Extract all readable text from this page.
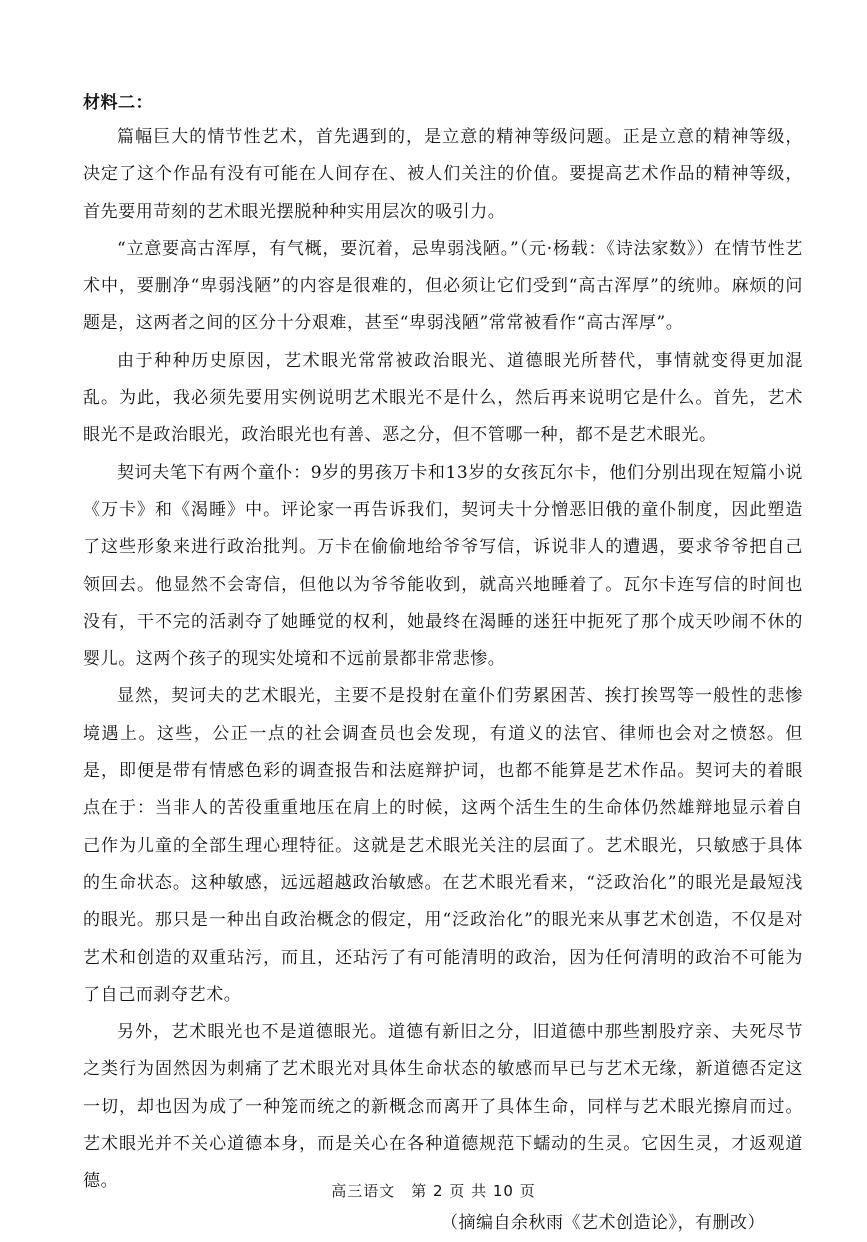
材料二：

篇幅巨大的情节性艺术，首先遇到的，是立意的精神等级问题。正是立意的精神等级，决定了这个作品有没有可能在人间存在、被人们关注的价值。要提高艺术作品的精神等级，首先要用苛刻的艺术眼光摆脱种种实用层次的吸引力。

“立意要高古浑厚，有气概，要沉着，忌卑弱浅陋。”（元·杨载：《诗法家数》）在情节性艺术中，要删净“卑弱浅陋”的内容是很难的，但必须让它们受到“高古浑厚”的统帅。麻烦的问题是，这两者之间的区分十分艰难，甚至“卑弱浅陋”常常被看作“高古浑厚”。

由于种种历史原因，艺术眼光常常被政治眼光、道德眼光所替代，事情就变得更加混乱。为此，我必须先要用实例说明艺术眼光不是什么，然后再来说明它是什么。首先，艺术眼光不是政治眼光，政治眼光也有善、恶之分，但不管哪一种，都不是艺术眼光。

契诃夫笔下有两个童仆：9岁的男孩万卡和13岁的女孩瓦尔卡，他们分别出现在短篇小说《万卡》和《渴睡》中。评论家一再告诉我们，契诃夫十分憎恶旧俄的童仆制度，因此塑造了这些形象来进行政治批判。万卡在偷偷地给爷爷写信，诉说非人的遭遇，要求爷爷把自己领回去。他显然不会寄信，但他以为爷爷能收到，就高兴地睡着了。瓦尔卡连写信的时间也没有，干不完的活剥夺了她睡觉的权利，她最终在渴睡的迷狂中扼死了那个成天吵闹不休的婴儿。这两个孩子的现实处境和不远前景都非常悲惨。

显然，契诃夫的艺术眼光，主要不是投射在童仆们劳累困苦、挨打挨骂等一般性的悲惨境遇上。这些，公正一点的社会调查员也会发现，有道义的法官、律师也会对之愤怒。但是，即便是带有情感色彩的调查报告和法庭辩护词，也都不能算是艺术作品。契诃夫的着眼点在于：当非人的苦役重重地压在肩上的时候，这两个活生生的生命体仍然雄辩地显示着自己作为儿童的全部生理心理特征。这就是艺术眼光关注的层面了。艺术眼光，只敏感于具体的生命状态。这种敏感，远远超越政治敏感。在艺术眼光看来，“泛政治化”的眼光是最短浅的眼光。那只是一种出自政治概念的假定，用“泛政治化”的眼光来从事艺术创造，不仅是对艺术和创造的双重玷污，而且，还玷污了有可能清明的政治，因为任何清明的政治不可能为了自己而剥夺艺术。

另外，艺术眼光也不是道德眼光。道德有新旧之分，旧道德中那些割股疗亲、夫死尽节之类行为固然因为刺痛了艺术眼光对具体生命状态的敏感而早已与艺术无缘，新道德否定这一切，却也因为成了一种笼而统之的新概念而离开了具体生命，同样与艺术眼光擦肩而过。艺术眼光并不关心道德本身，而是关心在各种道德规范下蠕动的生灵。它因生灵，才返观道德。

（摘编自余秋雨《艺术创造论》，有删改）

高三语文　第 2 页 共 10 页
